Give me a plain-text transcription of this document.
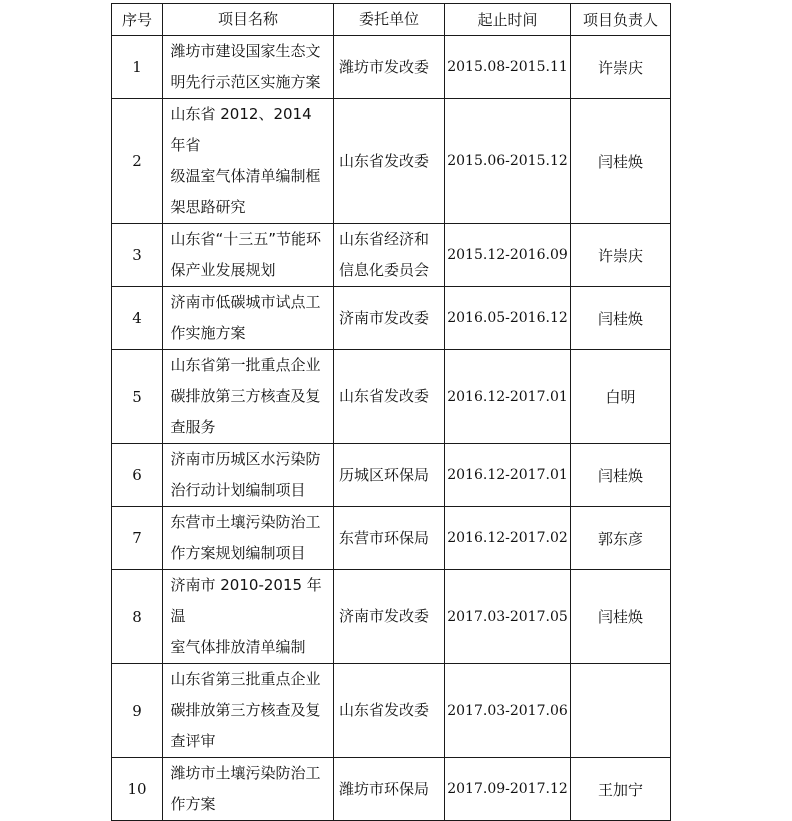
序号	项目名称	委托单位	起止时间	项目负责人
1	潍坊市建设国家生态文
明先行示范区实施方案	潍坊市发改委	2015.08-2015.11	许崇庆
2	山东省 2012、2014 年省
级温室气体清单编制框
架思路研究	山东省发改委	2015.06-2015.12	闫桂焕
3	山东省“十三五”节能环
保产业发展规划	山东省经济和
信息化委员会	2015.12-2016.09	许崇庆
4	济南市低碳城市试点工
作实施方案	济南市发改委	2016.05-2016.12	闫桂焕
5	山东省第一批重点企业
碳排放第三方核查及复
查服务	山东省发改委	2016.12-2017.01	白明
6	济南市历城区水污染防
治行动计划编制项目	历城区环保局	2016.12-2017.01	闫桂焕
7	东营市土壤污染防治工
作方案规划编制项目	东营市环保局	2016.12-2017.02	郭东彦
8	济南市 2010-2015 年温
室气体排放清单编制	济南市发改委	2017.03-2017.05	闫桂焕
9	山东省第三批重点企业
碳排放第三方核查及复
查评审	山东省发改委	2017.03-2017.06	
10	潍坊市土壤污染防治工
作方案	潍坊市环保局	2017.09-2017.12	王加宁
